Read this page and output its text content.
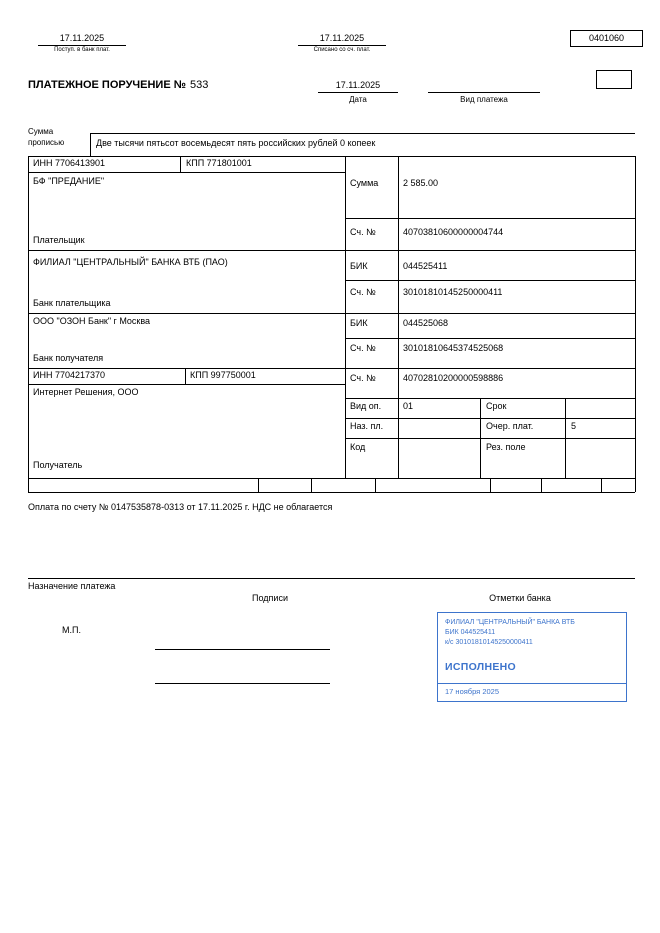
17.11.2025
Поступ. в банк плат.
17.11.2025
Списано со сч. плат.
0401060
ПЛАТЕЖНОЕ ПОРУЧЕНИЕ № 533	17.11.2025
Дата	Вид платежа
Сумма
прописью	Две тысячи пятьсот восемьдесят пять российских рублей 0 копеек
ИНН 7706413901	КПП 771801001
БФ "ПРЕДАНИЕ"
Плательщик
Сумма	2 585.00
Сч. №	40703810600000004744
ФИЛИАЛ "ЦЕНТРАЛЬНЫЙ" БАНКА ВТБ (ПАО)	БИК	044525411
Сч. №	30101810145250000411
Банк плательщика
ООО "ОЗОН Банк" г Москва	БИК	044525068
Сч. №	30101810645374525068
Банк получателя
ИНН 7704217370	КПП 997750001
Интернет Решения, ООО
Сч. №	40702810200000598886
Получатель
Вид оп. 01	Срок
Наз. пл.	Очер. плат.	5
Код	Рез. поле
Оплата по счету № 0147535878-0313 от 17.11.2025 г. НДС не облагается
Назначение платежа
Подписи	Отметки банка
М.П.
ФИЛИАЛ "ЦЕНТРАЛЬНЫЙ" БАНКА ВТБ
БИК 044525411
к/с 30101810145250000411
ИСПОЛНЕНО
17 ноября 2025
